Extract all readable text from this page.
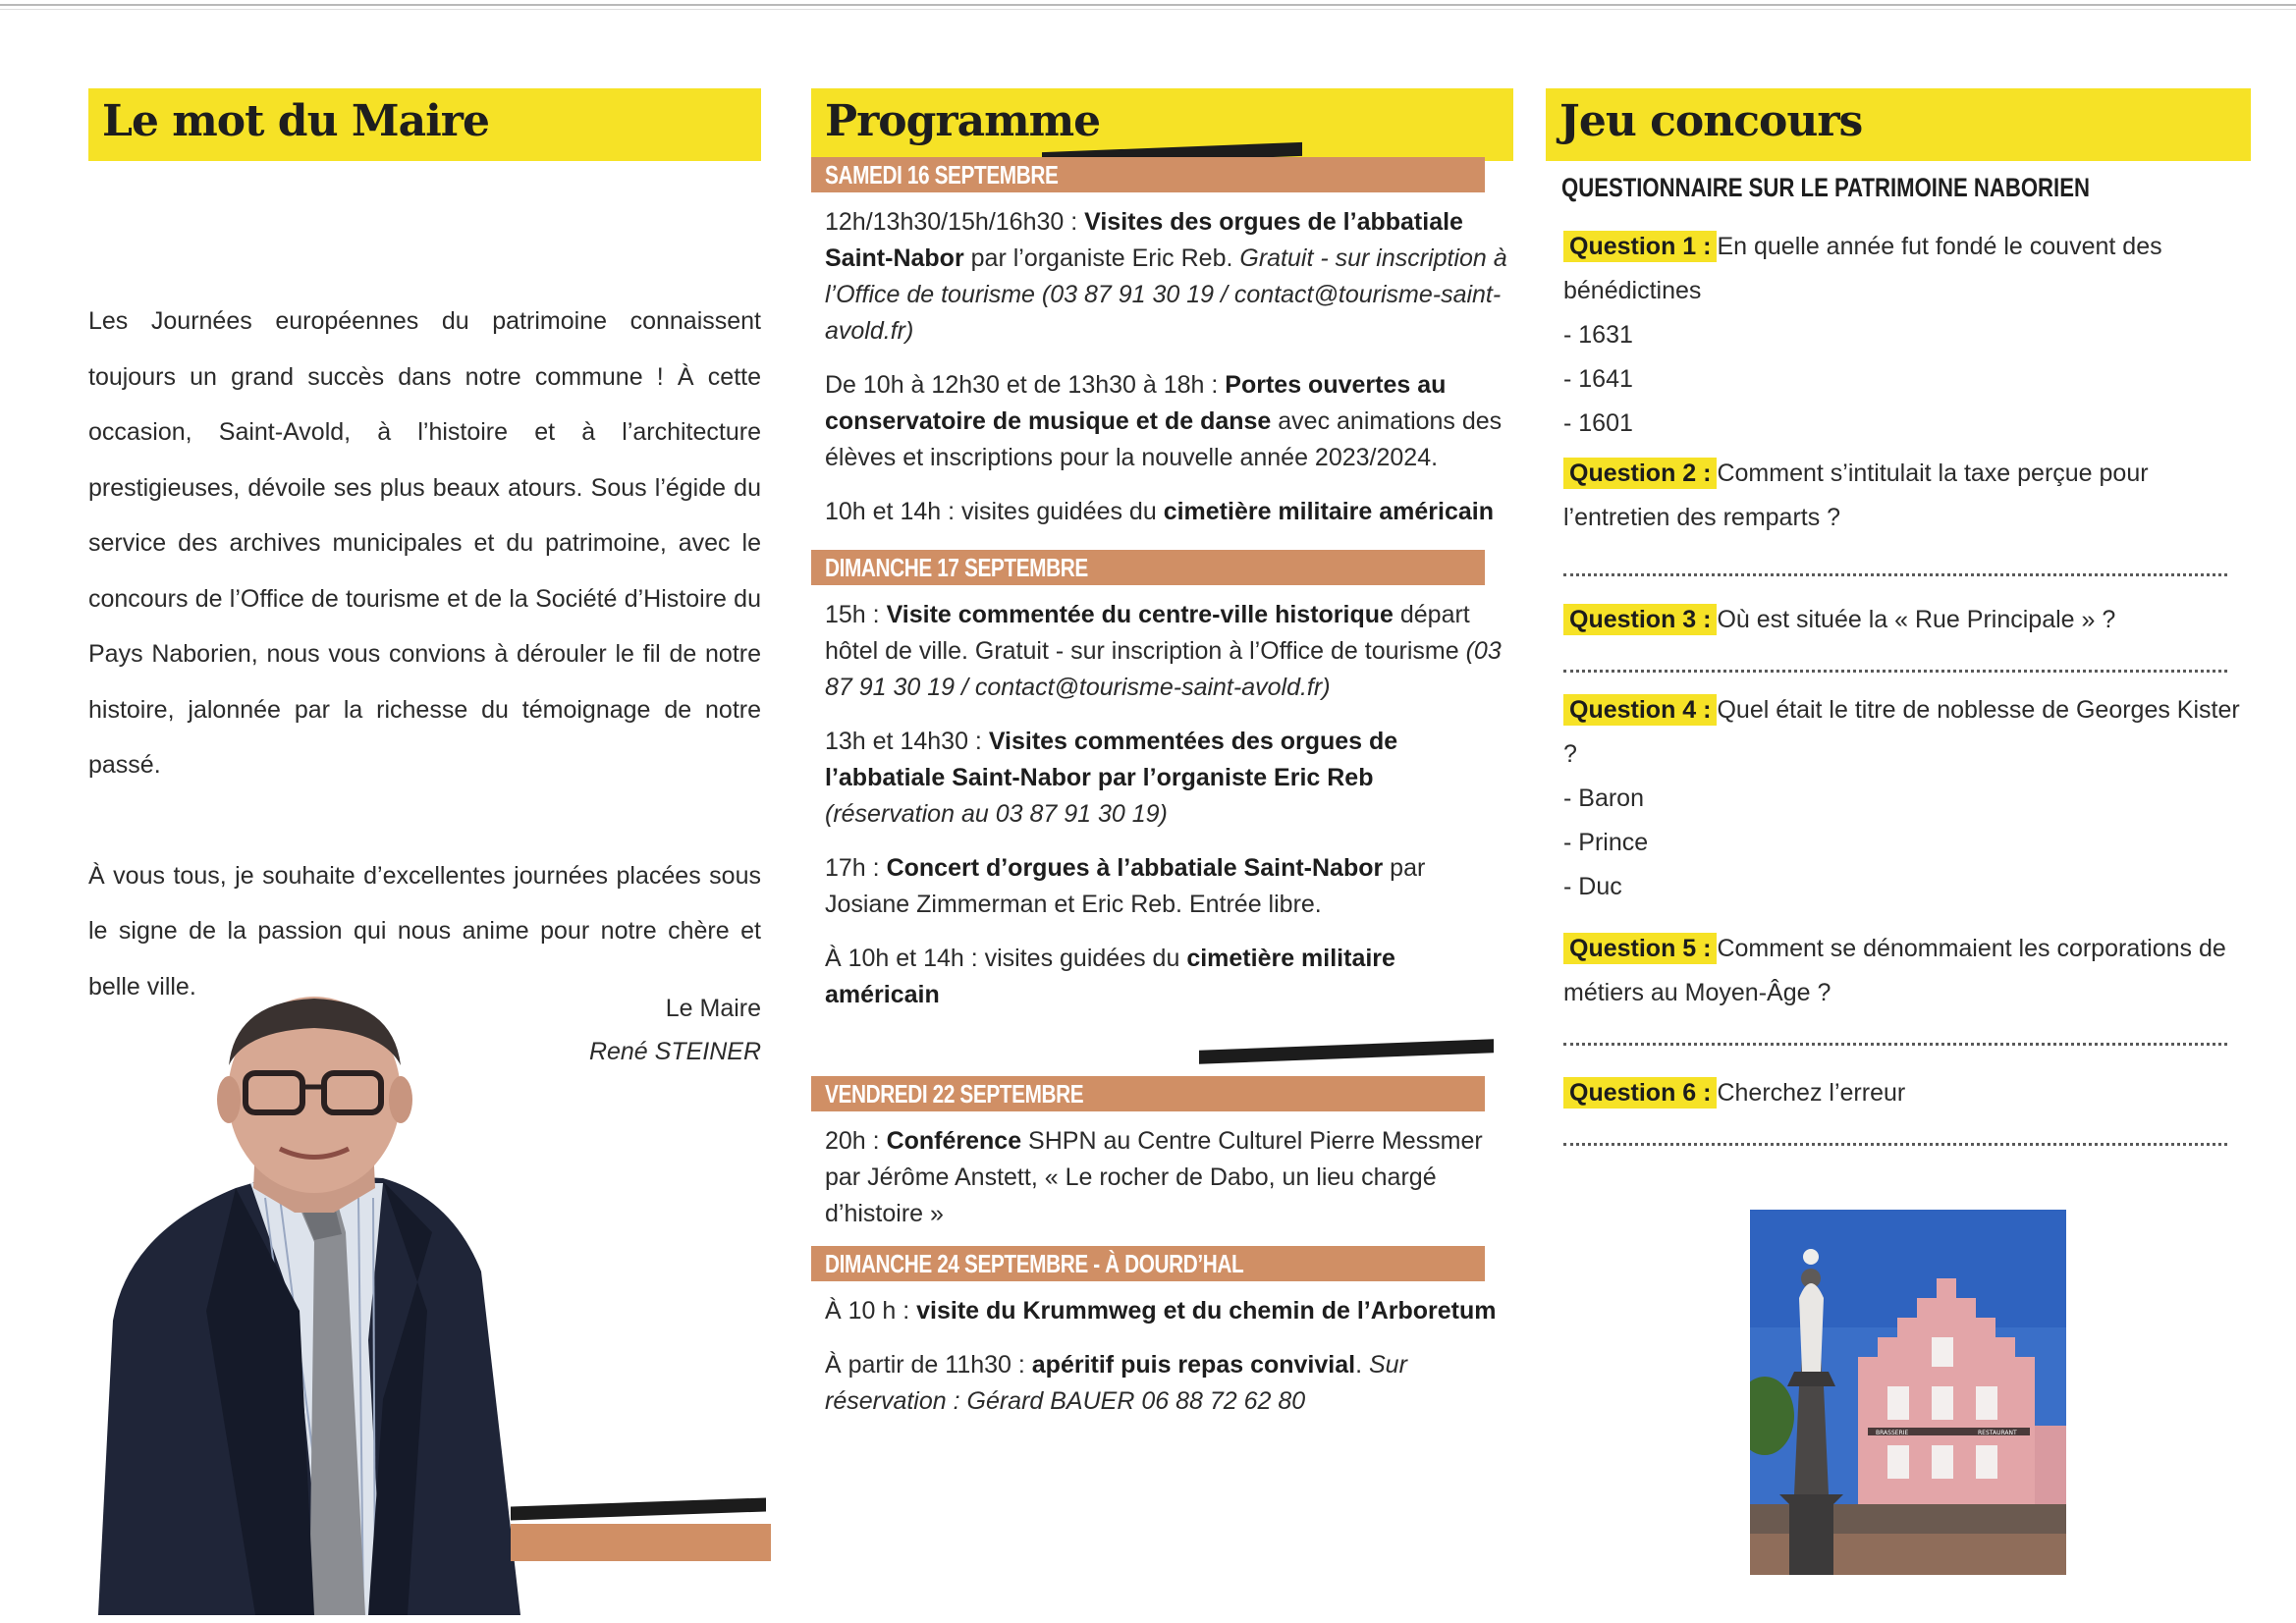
Le mot du Maire

Les Journées européennes du patrimoine connaissent toujours un grand succès dans notre commune ! À cette occasion, Saint-Avold, à l’histoire et à l’architecture prestigieuses, dévoile ses plus beaux atours. Sous l’égide du service des archives municipales et du patrimoine, avec le concours de l’Office de tourisme et de la Société d’Histoire du Pays Naborien, nous vous convions à dérouler le fil de notre histoire, jalonnée par la richesse du témoignage de notre passé.

À vous tous, je souhaite d’excellentes journées placées sous le signe de la passion qui nous anime pour notre chère et belle ville.

Le Maire
René STEINER
Programme
SAMEDI 16 SEPTEMBRE

12h/13h30/15h/16h30 : Visites des orgues de l’abbatiale Saint-Nabor par l’organiste Eric Reb. Gratuit - sur inscription à l’Office de tourisme (03 87 91 30 19 / contact@tourisme-saint-avold.fr)

De 10h à 12h30 et de 13h30 à 18h : Portes ouvertes au conservatoire de musique et de danse avec animations des élèves et inscriptions pour la nouvelle année 2023/2024.

10h et 14h : visites guidées du cimetière militaire américain

DIMANCHE 17 SEPTEMBRE

15h : Visite commentée du centre-ville historique départ hôtel de ville. Gratuit - sur inscription à l’Office de tourisme (03 87 91 30 19 / contact@tourisme-saint-avold.fr)

13h et 14h30 : Visites commentées des orgues de l’abbatiale Saint-Nabor par l’organiste Eric Reb (réservation au 03 87 91 30 19)

17h : Concert d’orgues à l’abbatiale Saint-Nabor par Josiane Zimmerman et Eric Reb. Entrée libre.

À 10h et 14h : visites guidées du cimetière militaire américain

VENDREDI 22 SEPTEMBRE

20h : Conférence SHPN au Centre Culturel Pierre Messmer par Jérôme Anstett, « Le rocher de Dabo, un lieu chargé d’histoire »

DIMANCHE 24 SEPTEMBRE - À DOURD’HAL

À 10 h : visite du Krummweg et du chemin de l’Arboretum

À partir de 11h30 : apéritif puis repas convivial. Sur réservation : Gérard BAUER 06 88 72 62 80

Jeu concours

QUESTIONNAIRE SUR LE PATRIMOINE NABORIEN

Question 1 : En quelle année fut fondé le couvent des bénédictines

- 1631

- 1641

- 1601

Question 2 : Comment s’intitulait la taxe perçue pour l’entretien des remparts ?

Question 3 : Où est située la « Rue Principale » ?

Question 4 : Quel était le titre de noblesse de Georges Kister ?

- Baron

- Prince

- Duc

Question 5 : Comment se dénommaient les corporations de métiers au Moyen-Âge ?

Question 6 : Cherchez l’erreur

BRASSERIE	RESTAURANT
